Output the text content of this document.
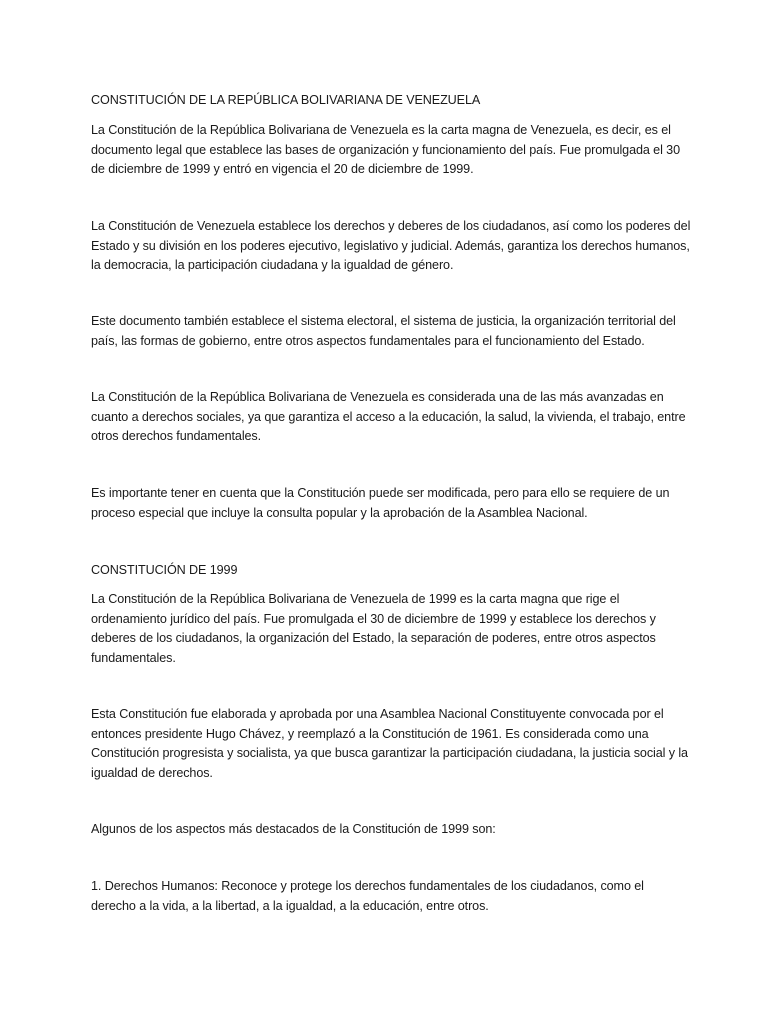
CONSTITUCIÓN DE LA REPÚBLICA BOLIVARIANA DE VENEZUELA

La Constitución de la República Bolivariana de Venezuela es la carta magna de Venezuela, es decir, es el documento legal que establece las bases de organización y funcionamiento del país. Fue promulgada el 30 de diciembre de 1999 y entró en vigencia el 20 de diciembre de 1999.

La Constitución de Venezuela establece los derechos y deberes de los ciudadanos, así como los poderes del Estado y su división en los poderes ejecutivo, legislativo y judicial. Además, garantiza los derechos humanos, la democracia, la participación ciudadana y la igualdad de género.

Este documento también establece el sistema electoral, el sistema de justicia, la organización territorial del país, las formas de gobierno, entre otros aspectos fundamentales para el funcionamiento del Estado.

La Constitución de la República Bolivariana de Venezuela es considerada una de las más avanzadas en cuanto a derechos sociales, ya que garantiza el acceso a la educación, la salud, la vivienda, el trabajo, entre otros derechos fundamentales.

Es importante tener en cuenta que la Constitución puede ser modificada, pero para ello se requiere de un proceso especial que incluye la consulta popular y la aprobación de la Asamblea Nacional.

CONSTITUCIÓN DE 1999

La Constitución de la República Bolivariana de Venezuela de 1999 es la carta magna que rige el ordenamiento jurídico del país. Fue promulgada el 30 de diciembre de 1999 y establece los derechos y deberes de los ciudadanos, la organización del Estado, la separación de poderes, entre otros aspectos fundamentales.

Esta Constitución fue elaborada y aprobada por una Asamblea Nacional Constituyente convocada por el entonces presidente Hugo Chávez, y reemplazó a la Constitución de 1961. Es considerada como una Constitución progresista y socialista, ya que busca garantizar la participación ciudadana, la justicia social y la igualdad de derechos.

Algunos de los aspectos más destacados de la Constitución de 1999 son:

1. Derechos Humanos: Reconoce y protege los derechos fundamentales de los ciudadanos, como el derecho a la vida, a la libertad, a la igualdad, a la educación, entre otros.
